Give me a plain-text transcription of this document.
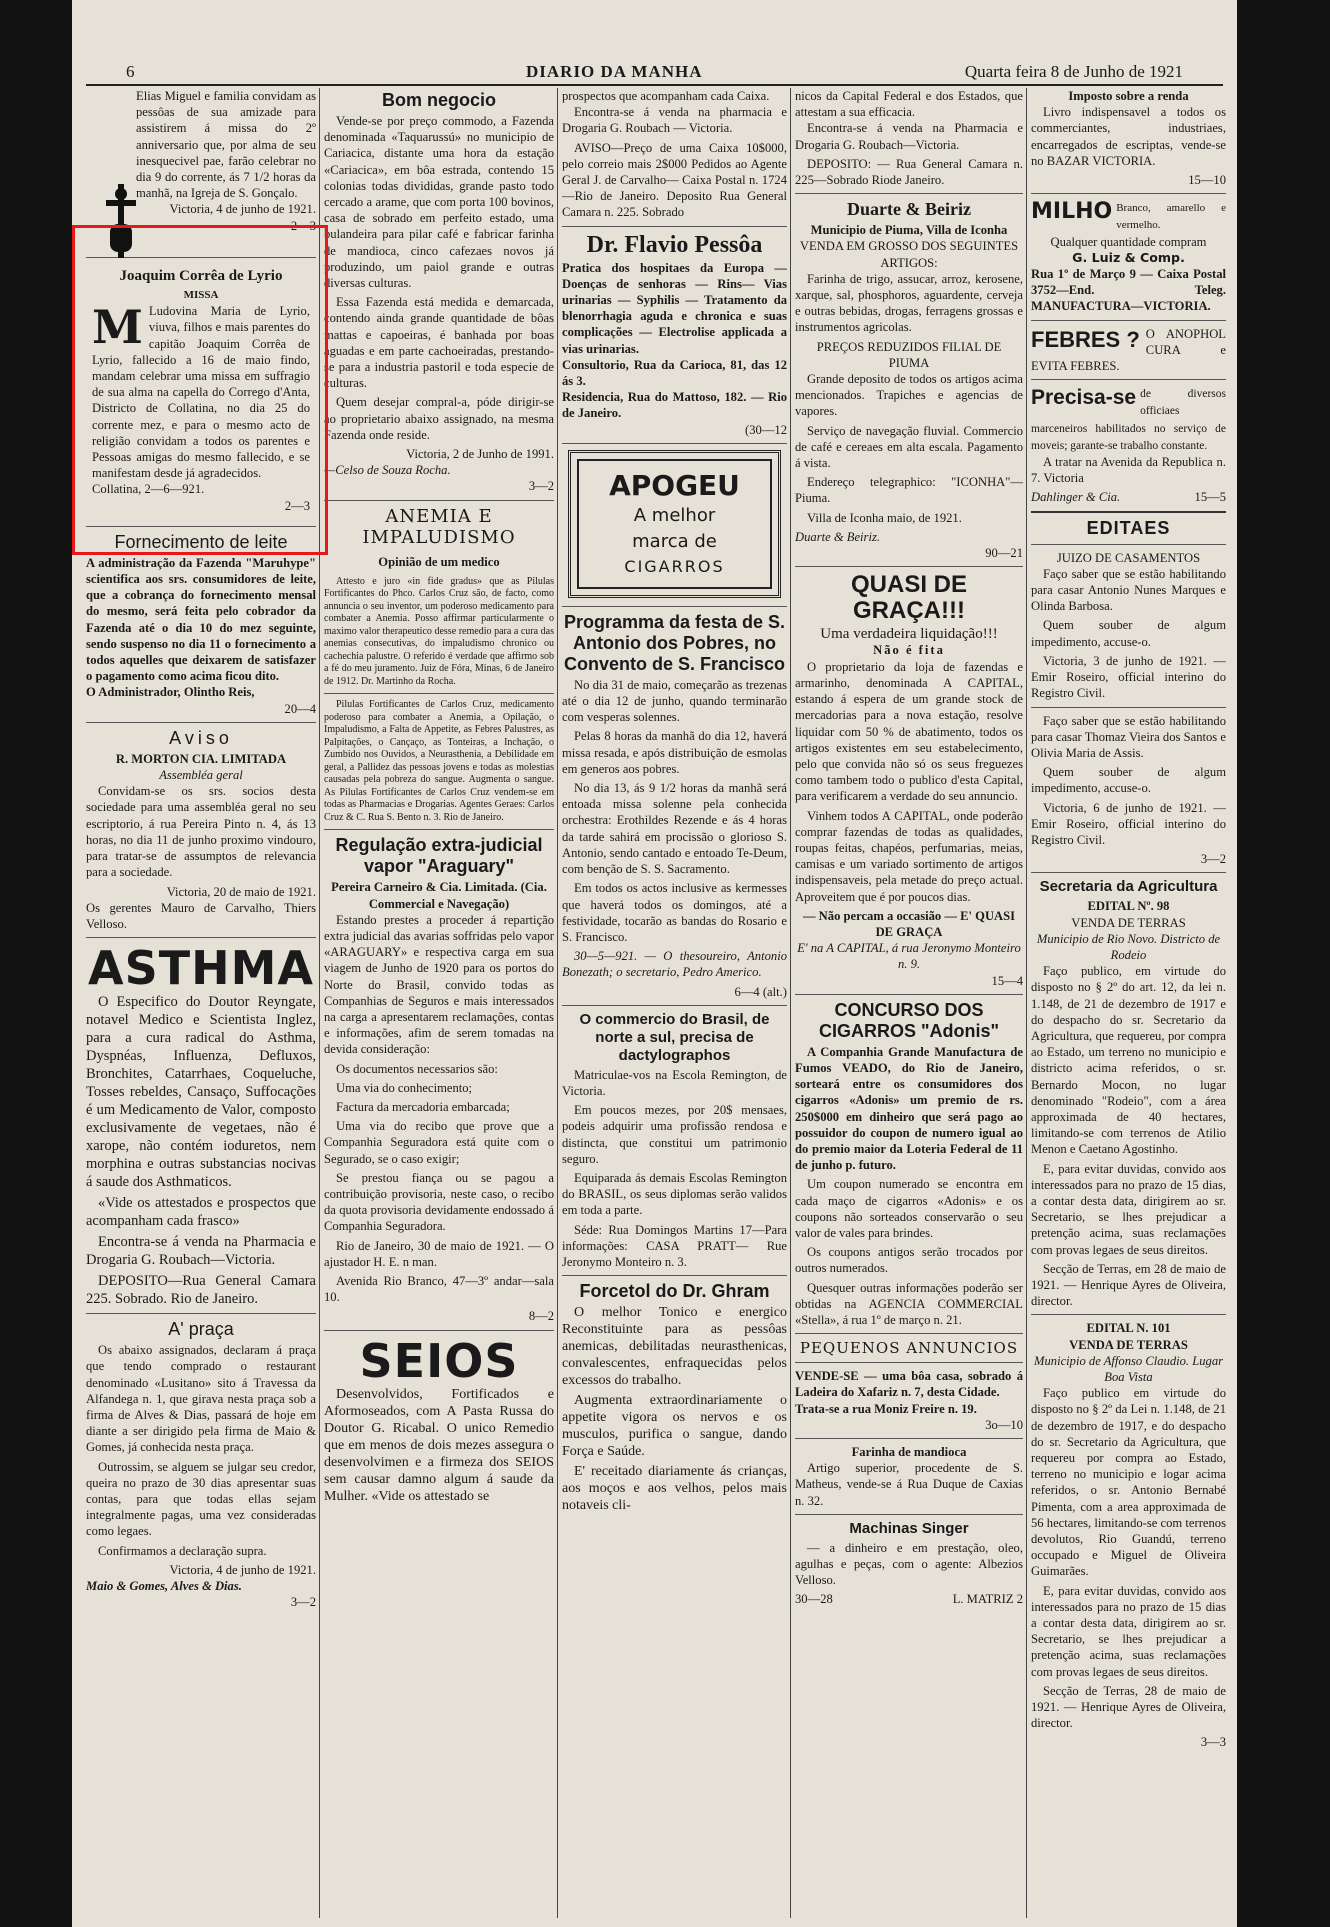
6	DIARIO DA MANHA	Quarta feira 8 de Junho de 1921
Elias Miguel e familia convidam as pessôas de sua amizade para assistirem á missa do 2º anniversario que, por alma de seu inesquecivel pae, farão celebrar no dia 9 do corrente, ás 7 1/2 horas da manhã, na Igreja de S. Gonçalo.
Victoria, 4 de junho de 1921.
2—3
Joaquim Corrêa de Lyrio
MISSA
M Ludovina Maria de Lyrio, viuva, filhos e mais parentes do capitão Joaquim Corrêa de Lyrio, fallecido a 16 de maio findo, mandam celebrar uma missa em suffragio de sua alma na capella do Corrego d'Anta, Districto de Collatina, no dia 25 do corrente mez, e para o mesmo acto de religião convidam a todos os parentes e Pessoas amigas do mesmo fallecido, e se manifestam desde já agradecidos.
Collatina, 2—6—921.
2—3
Fornecimento de leite
A administração da Fazenda "Maruhype" scientifica aos srs. consumidores de leite, que a cobrança do fornecimento mensal do mesmo, será feita pelo cobrador da Fazenda até o dia 10 do mez seguinte, sendo suspenso no dia 11 o fornecimento a todos aquelles que deixarem de satisfazer o pagamento como acima ficou dito.
O Administrador, Olintho Reis,
20—4
Aviso
R. MORTON CIA. LIMITADA
Assembléa geral

Convidam-se os srs. socios desta sociedade para uma assembléa geral no seu escriptorio, á rua Pereira Pinto n. 4, ás 13 horas, no dia 11 de junho proximo vindouro, para tratar-se de assumptos de relevancia para a sociedade.

Victoria, 20 de maio de 1921.
Os gerentes Mauro de Carvalho, Thiers Velloso.
ASTHMA

O Especifico do Doutor Reyngate, notavel Medico e Scientista Inglez, para a cura radical do Asthma, Dyspnéas, Influenza, Defluxos, Bronchites, Catarrhaes, Coqueluche, Tosses rebeldes, Cansaço, Suffocações é um Medicamento de Valor, composto exclusivamente de vegetaes, não é xarope, não contém ioduretos, nem morphina e outras substancias nocivas á saude dos Asthmaticos.

«Vide os attestados e prospectos que acompanham cada frasco»

Encontra-se á venda na Pharmacia e Drogaria G. Roubach—Victoria.

DEPOSITO—Rua General Camara 225. Sobrado. Rio de Janeiro.

A' praça

Os abaixo assignados, declaram á praça que tendo comprado o restaurant denominado «Lusitano» sito á Travessa da Alfandega n. 1, que girava nesta praça sob a firma de Alves & Dias, passará de hoje em diante a ser dirigido pela firma de Maio & Gomes, já conhecida nesta praça.

Outrossim, se alguem se julgar seu credor, queira no prazo de 30 dias apresentar suas contas, para que todas ellas sejam integralmente pagas, uma vez consideradas como legaes.

Confirmamos a declaração supra.

Victoria, 4 de junho de 1921.
Maio & Gomes, Alves & Dias.
3—2
Bom negocio

Vende-se por preço commodo, a Fazenda denominada «Taquarussú» no municipio de Cariacica, distante uma hora da estação «Cariacica», em bôa estrada, contendo 15 colonias todas divididas, grande pasto todo cercado a arame, que com porta 100 bovinos, casa de sobrado em perfeito estado, uma bulandeira para pilar café e fabricar farinha de mandioca, cinco cafezaes novos já produzindo, um paiol grande e outras diversas culturas.

Essa Fazenda está medida e demarcada, contendo ainda grande quantidade de bôas mattas e capoeiras, é banhada por boas aguadas e em parte cachoeiradas, prestando-se para a industria pastoril e toda especie de culturas.

Quem desejar compral-a, póde dirigir-se ao proprietario abaixo assignado, na mesma Fazenda onde reside.

Victoria, 2 de Junho de 1991.
—Celso de Souza Rocha.
3—2
ANEMIA E IMPALUDISMO
Opinião de um medico

Attesto e juro «in fide gradus» que as Pilulas Fortificantes do Phco. Carlos Cruz são, de facto, como annuncia o seu inventor, um poderoso medicamento para combater a Anemia. Posso affirmar particularmente o maximo valor therapeutico desse remedio para a cura das anemias consecutivas, do impaludismo chronico ou cachechia palustre. O referido é verdade que affirmo sob a fé do meu juramento. Juiz de Fóra, Minas, 6 de Janeiro de 1912. Dr. Martinho da Rocha.

Pilulas Fortificantes de Carlos Cruz, medicamento poderoso para combater a Anemia, a Opilação, o Impaludismo, a Falta de Appetite, as Febres Palustres, as Palpitações, o Cançaço, as Tonteiras, a Inchação, o Zumbido nos Ouvidos, a Neurasthenia, a Debilidade em geral, a Pallidez das pessoas jovens e todas as molestias causadas pela pobreza do sangue. Augmenta o sangue. As Pilulas Fortificantes de Carlos Cruz vendem-se em todas as Pharmacias e Drogarias. Agentes Geraes: Carlos Cruz & C. Rua S. Bento n. 3. Rio de Janeiro.

Regulação extra-judicial vapor "Araguary"
Pereira Carneiro & Cia. Limitada. (Cia. Commercial e Navegação)

Estando prestes a proceder á repartição extra judicial das avarias soffridas pelo vapor «ARAGUARY» e respectiva carga em sua viagem de Junho de 1920 para os portos do Norte do Brasil, convido todas as Companhias de Seguros e mais interessados na carga a apresentarem reclamações, contas e informações, afim de serem tomadas na devida consideração:

Os documentos necessarios são:

Uma via do conhecimento;

Factura da mercadoria embarcada;

Uma via do recibo que prove que a Companhia Seguradora está quite com o Segurado, se o caso exigir;

Se prestou fiança ou se pagou a contribuição provisoria, neste caso, o recibo da quota provisoria devidamente endossado á Companhia Seguradora.

Rio de Janeiro, 30 de maio de 1921. — O ajustador H. E. n man.

Avenida Rio Branco, 47—3º andar—sala 10.

8—2
SEIOS

Desenvolvidos, Fortificados e Aformoseados, com A Pasta Russa do Doutor G. Ricabal. O unico Remedio que em menos de dois mezes assegura o desenvolvimen e a firmeza dos SEIOS sem causar damno algum á saude da Mulher. «Vide os attestado se

prospectos que acompanham cada Caixa.

Encontra-se á venda na pharmacia e Drogaria G. Roubach — Victoria.

AVISO—Preço de uma Caixa 10$000, pelo correio mais 2$000 Pedidos ao Agente Geral J. de Carvalho— Caixa Postal n. 1724—Rio de Janeiro. Deposito Rua General Camara n. 225. Sobrado

Dr. Flavio Pessôa
Pratica dos hospitaes da Europa — Doenças de senhoras — Rins— Vias urinarias — Syphilis — Tratamento da blenorrhagia aguda e chronica e suas complicações — Electrolise applicada a vias urinarias.
Consultorio, Rua da Carioca, 81, das 12 ás 3.
Residencia, Rua do Mattoso, 182. — Rio de Janeiro.
(30—12
APOGEU
A melhor
marca de
CIGARROS
Programma da festa de S. Antonio dos Pobres, no Convento de S. Francisco

No dia 31 de maio, começarão as trezenas até o dia 12 de junho, quando terminarão com vesperas solennes.

Pelas 8 horas da manhã do dia 12, haverá missa resada, e após distribuição de esmolas em generos aos pobres.

No dia 13, ás 9 1/2 horas da manhã será entoada missa solenne pela conhecida orchestra: Erothildes Rezende e ás 4 horas da tarde sahirá em procissão o glorioso S. Antonio, sendo cantado e entoado Te-Deum, com benção de S. S. Sacramento.

Em todos os actos inclusive as kermesses que haverá todos os domingos, até a festividade, tocarão as bandas do Rosario e S. Francisco.

30—5—921. — O thesoureiro, Antonio Bonezath; o secretario, Pedro Americo.

6—4 (alt.)
O commercio do Brasil, de norte a sul, precisa de dactylographos

Matriculae-vos na Escola Remington, de Victoria.

Em poucos mezes, por 20$ mensaes, podeis adquirir uma profissão rendosa e distincta, que constitui um patrimonio seguro.

Equiparada ás demais Escolas Remington do BRASIL, os seus diplomas serão validos em toda a parte.

Séde: Rua Domingos Martins 17—Para informações: CASA PRATT— Rue Jeronymo Monteiro n. 3.

Forcetol do Dr. Ghram

O melhor Tonico e energico Reconstituinte para as pessôas anemicas, debilitadas neurasthenicas, convalescentes, enfraquecidas pelos excessos do trabalho.

Augmenta extraordinariamente o appetite vigora os nervos e os musculos, purifica o sangue, dando Força e Saúde.

E' receitado diariamente ás crianças, aos moços e aos velhos, pelos mais notaveis cli-

nicos da Capital Federal e dos Estados, que attestam a sua efficacia.

Encontra-se á venda na Pharmacia e Drogaria G. Roubach—Victoria.

DEPOSITO: — Rua General Camara n. 225—Sobrado Riode Janeiro.

Duarte & Beiriz
Municipio de Piuma, Villa de Iconha
VENDA EM GROSSO DOS SEGUINTES ARTIGOS:

Farinha de trigo, assucar, arroz, kerosene, xarque, sal, phosphoros, aguardente, cerveja e outras bebidas, drogas, ferragens grossas e instrumentos agricolas.

PREÇOS REDUZIDOS FILIAL DE PIUMA

Grande deposito de todos os artigos acima mencionados. Trapiches e agencias de vapores.

Serviço de navegação fluvial. Commercio de café e cereaes em alta escala. Pagamento á vista.

Endereço telegraphico: "ICONHA"—Piuma.

Villa de Iconha maio, de 1921.

Duarte & Beiriz.
90—21
QUASI DE GRAÇA!!!
Uma verdadeira liquidação!!!
Não é fita

O proprietario da loja de fazendas e armarinho, denominada A CAPITAL, estando á espera de um grande stock de mercadorias para a nova estação, resolve liquidar com 50 % de abatimento, todos os artigos existentes em seu estabelecimento, pelo que convida não só os seus freguezes como tambem todo o publico d'esta Capital, para verificarem a verdade do seu annuncio.

Vinhem todos A CAPITAL, onde poderão comprar fazendas de todas as qualidades, roupas feitas, chapéos, perfumarias, meias, camisas e um variado sortimento de artigos indispensaveis, pela metade do preço actual. Aproveitem que é por poucos dias.

— Não percam a occasião — E' QUASI DE GRAÇA
E' na A CAPITAL, á rua Jeronymo Monteiro n. 9.
15—4
CONCURSO DOS CIGARROS "Adonis"

A Companhia Grande Manufactura de Fumos VEADO, do Rio de Janeiro, sorteará entre os consumidores dos cigarros «Adonis» um premio de rs. 250$000 em dinheiro que será pago ao possuidor do coupon de numero igual ao do premio maior da Loteria Federal de 11 de junho p. futuro.

Um coupon numerado se encontra em cada maço de cigarros «Adonis» e os coupons não sorteados conservarão o seu valor de vales para brindes.

Os coupons antigos serão trocados por outros numerados.

Quesquer outras informações poderão ser obtidas na AGENCIA COMMERCIAL «Stella», á rua 1º de março n. 21.

PEQUENOS ANNUNCIOS
VENDE-SE — uma bôa casa, sobrado á Ladeira do Xafariz n. 7, desta Cidade.
Trata-se a rua Moniz Freire n. 19.
3o—10
Farinha de mandioca

Artigo superior, procedente de S. Matheus, vende-se á Rua Duque de Caxias n. 32.

Machinas Singer

— a dinheiro e em prestação, oleo, agulhas e peças, com o agente: Albezios Velloso.

30—28	L. MATRIZ 2
Imposto sobre a renda

Livro indispensavel a todos os commerciantes, industriaes, encarregados de escriptas, vende-se no BAZAR VICTORIA.

15—10
MILHO Branco, amarello e vermelho.
Qualquer quantidade compram
G. Luiz & Comp.
Rua 1º de Março 9 — Caixa Postal 3752—End. Teleg. MANUFACTURA—VICTORIA.
FEBRES ? O ANOPHOL CURA e EVITA FEBRES.
Precisa-se de diversos officiaes marceneiros habilitados no serviço de moveis; garante-se trabalho constante.

A tratar na Avenida da Republica n. 7. Victoria

Dahlinger & Cia.	15—5
EDITAES
JUIZO DE CASAMENTOS

Faço saber que se estão habilitando para casar Antonio Nunes Marques e Olinda Barbosa.

Quem souber de algum impedimento, accuse-o.

Victoria, 3 de junho de 1921. — Emir Roseiro, official interino do Registro Civil.

Faço saber que se estão habilitando para casar Thomaz Vieira dos Santos e Olivia Maria de Assis.

Quem souber de algum impedimento, accuse-o.

Victoria, 6 de junho de 1921. — Emir Roseiro, official interino do Registro Civil.

3—2
Secretaria da Agricultura
EDITAL Nº. 98
VENDA DE TERRAS
Municipio de Rio Novo. Districto de Rodeio

Faço publico, em virtude do disposto no § 2º do art. 12, da lei n. 1.148, de 21 de dezembro de 1917 e do despacho do sr. Secretario da Agricultura, que requereu, por compra ao Estado, um terreno no municipio e districto acima referidos, o sr. Bernardo Mocon, no lugar denominado "Rodeio", com a área approximada de 40 hectares, limitando-se com terrenos de Atilio Menon e Caetano Agostinho.

E, para evitar duvidas, convido aos interessados para no prazo de 15 dias, a contar desta data, dirigirem ao sr. Secretario, se lhes prejudicar a pretenção acima, suas reclamações com provas legaes de seus direitos.

Secção de Terras, em 28 de maio de 1921. — Henrique Ayres de Oliveira, director.

EDITAL N. 101
VENDA DE TERRAS
Municipio de Affonso Claudio. Lugar Boa Vista

Faço publico em virtude do disposto no § 2º da Lei n. 1.148, de 21 de dezembro de 1917, e do despacho do sr. Secretario da Agricultura, que requereu por compra ao Estado, terreno no municipio e logar acima referidos, o sr. Antonio Bernabé Pimenta, com a area approximada de 56 hectares, limitando-se com terrenos devolutos, Rio Guandú, terreno occupado e Miguel de Oliveira Guimarães.

E, para evitar duvidas, convido aos interessados para no prazo de 15 dias a contar desta data, dirigirem ao sr. Secretario, se lhes prejudicar a pretenção acima, suas reclamações com provas legaes de seus direitos.

Secção de Terras, 28 de maio de 1921. — Henrique Ayres de Oliveira, director.

3—3
